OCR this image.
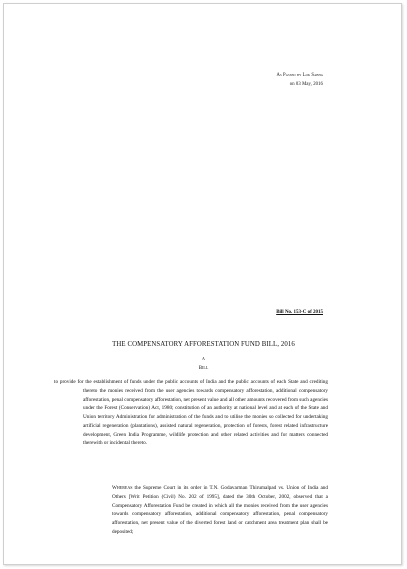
As Passed by Lok Sabha
on 03 May, 2016
Bill No. 153-C of 2015
THE COMPENSATORY AFFORESTATION FUND BILL, 2016
A
Bill
to provide for the establishment of funds under the public accounts of India and the public accounts of each State and crediting thereto the monies received from the user agencies towards compensatory afforestation, additional compensatory afforestation, penal compensatory afforestation, net present value and all other amounts recovered from such agencies under the Forest (Conservation) Act, 1980; constitution of an authority at national level and at each of the State and Union territory Administration for administration of the funds and to utilise the monies so collected for undertaking artificial regeneration (plantations), assisted natural regeneration, protection of forests, forest related infrastructure development, Green India Programme, wildlife protection and other related activities and for matters connected therewith or incidental thereto.
Whereas the Supreme Court in its order in T.N. Godavarman Thirumalpad vs. Union of India and Others [Writ Petition (Civil) No. 202 of 1995], dated the 30th October, 2002, observed that a Compensatory Afforestation Fund be created in which all the monies received from the user agencies towards compensatory afforestation, additional compensatory afforestation, penal compensatory afforestation, net present value of the diverted forest land or catchment area treatment plan shall be deposited;
